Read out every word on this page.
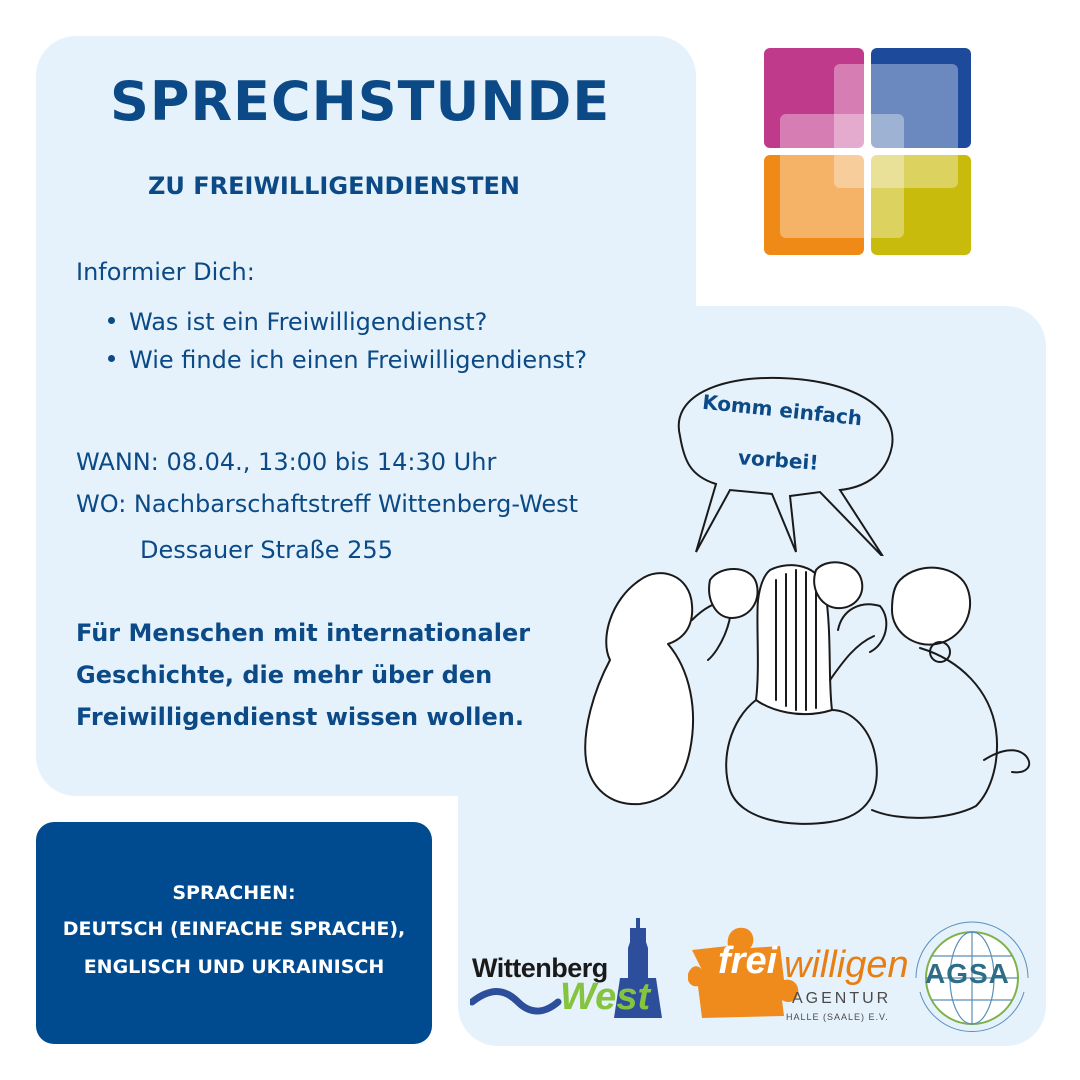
SPRECHSTUNDE
ZU FREIWILLIGENDIENSTEN
Informier Dich:
Was ist ein Freiwilligendienst?
Wie finde ich einen Freiwilligendienst?
WANN: 08.04., 13:00 bis 14:30 Uhr
WO: Nachbarschaftstreff Wittenberg-West
Dessauer Straße 255
Für Menschen mit internationaler
Geschichte, die mehr über den
Freiwilligendienst wissen wollen.
Komm einfach
vorbei!
SPRACHEN:
DEUTSCH (EINFACHE SPRACHE),
ENGLISCH UND UKRAINISCH	Wittenberg
West
frei willigen
AGENTUR
HALLE (SAALE) E.V.
AGSA
